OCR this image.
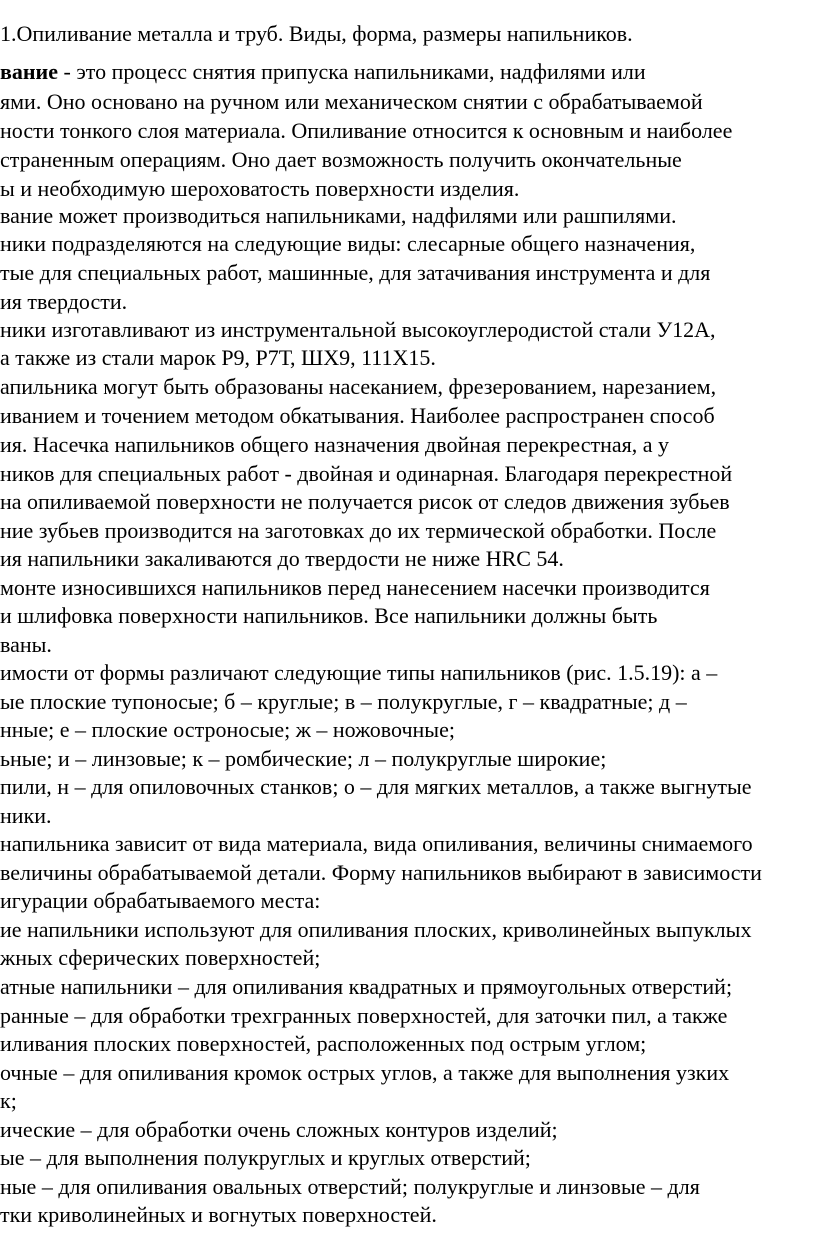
1.Опиливание металла и труб. Виды, форма, размеры напильников.
вание - это процесс снятия припуска напильниками, надфилями или
ями. Оно основано на ручном или механическом снятии с обрабатываемой
ности тонкого слоя материала. Опиливание относится к основным и наиболее
страненным операциям. Оно дает возможность получить окончательные
ы и необходимую шероховатость поверхности изделия.
вание может производиться напильниками, надфилями или рашпилями.
ники подразделяются на следующие виды: слесарные общего назначения,
тые для специальных работ, машинные, для затачивания инструмента и для
ия твердости.
ники изготавливают из инструментальной высокоуглеродистой стали У12А,
а также из стали марок Р9, Р7Т, ШХ9, 111Х15.
апильника могут быть образованы насеканием, фрезерованием, нарезанием,
иванием и точением методом обкатывания. Наиболее распространен способ
ия. Насечка напильников общего назначения двойная перекрестная, а у
ников для специальных работ - двойная и одинарная. Благодаря перекрестной
на опиливаемой поверхности не получается рисок от следов движения зубьев
ние зубьев производится на заготовках до их термической обработки. После
ия напильники закаливаются до твердости не ниже HRC 54.
монте износившихся напильников перед нанесением насечки производится
и шлифовка поверхности напильников. Все напильники должны быть
ваны.
имости от формы различают следующие типы напильников (рис. 1.5.19): а –
ые плоские тупоносые; б – круглые; в – полукруглые, г – квадратные; д –
нные; е – плоские остроносые; ж – ножовочные;
ьные; и – линзовые; к – ромбические; л – полукруглые широкие;
пили, н – для опиловочных станков; о – для мягких металлов, а также выгнутые
ники.
напильника зависит от вида материала, вида опиливания, величины снимаемого
величины обрабатываемой детали. Форму напильников выбирают в зависимости
игурации обрабатываемого места:
ие напильники используют для опиливания плоских, криволинейных выпуклых
жных сферических поверхностей;
атные напильники – для опиливания квадратных и прямоугольных отверстий;
ранные – для обработки трехгранных поверхностей, для заточки пил, а также
иливания плоских поверхностей, расположенных под острым углом;
очные – для опиливания кромок острых углов, а также для выполнения узких
к;
ические – для обработки очень сложных контуров изделий;
ые – для выполнения полукруглых и круглых отверстий;
ные – для опиливания овальных отверстий; полукруглые и линзовые – для
тки криволинейных и вогнутых поверхностей.
